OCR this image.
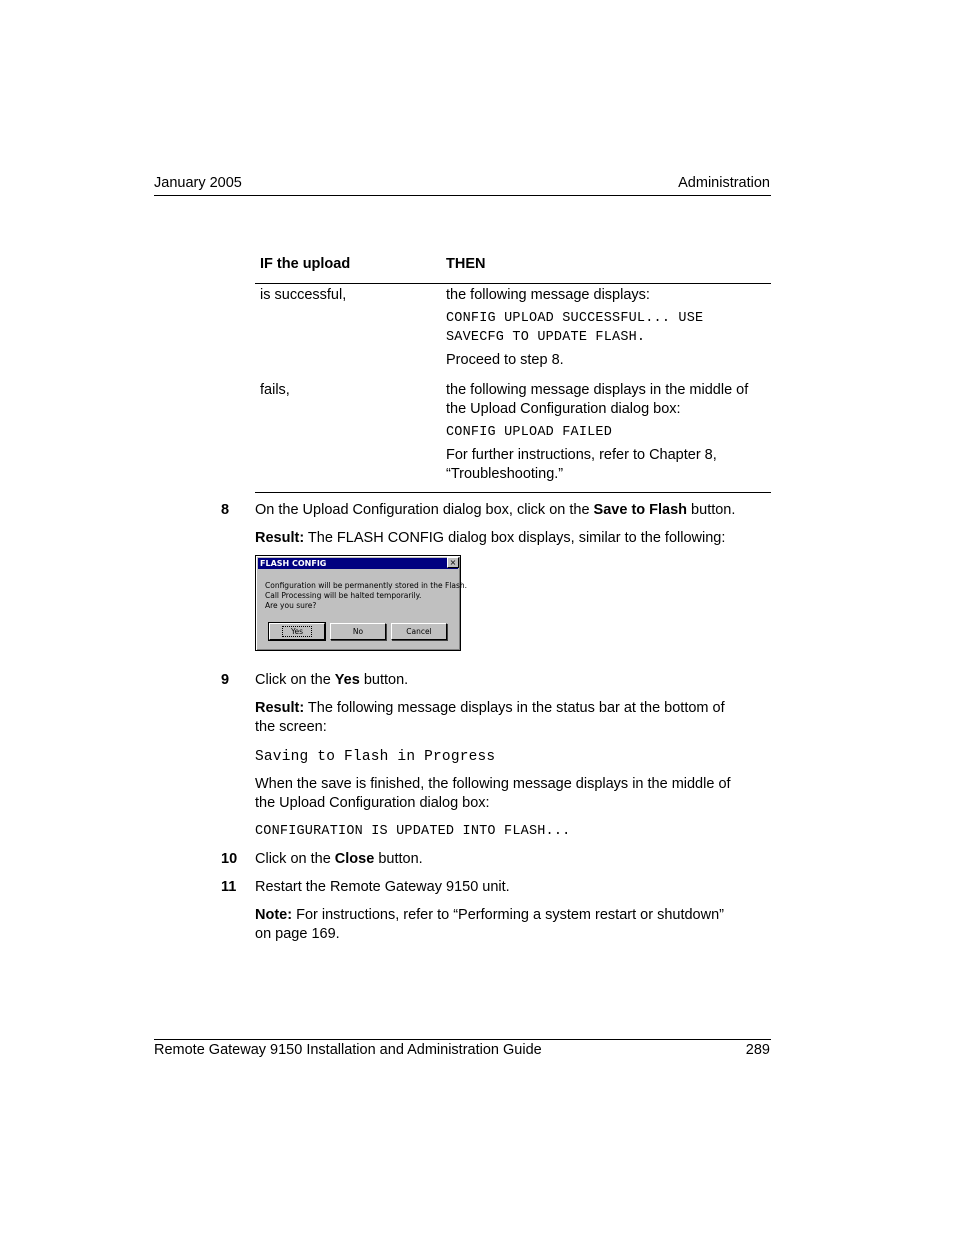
January 2005	Administration
IF the upload	THEN
is successful,	the following message displays:
CONFIG UPLOAD SUCCESSFUL... USE
SAVECFG TO UPDATE FLASH.
Proceed to step 8.
fails,	the following message displays in the middle of
the Upload Configuration dialog box:
CONFIG UPLOAD FAILED
For further instructions, refer to Chapter 8,
“Troubleshooting.”
8 On the Upload Configuration dialog box, click on the Save to Flash button.
Result: The FLASH CONFIG dialog box displays, similar to the following:
FLASH CONFIG	×
Configuration will be permanently stored in the Flash.
Call Processing will be halted temporarily.
Are you sure?
Yes	No	Cancel
9 Click on the Yes button.
Result: The following message displays in the status bar at the bottom of
the screen:
Saving to Flash in Progress
When the save is finished, the following message displays in the middle of
the Upload Configuration dialog box:
CONFIGURATION IS UPDATED INTO FLASH...
10 Click on the Close button.
11 Restart the Remote Gateway 9150 unit.
Note: For instructions, refer to “Performing a system restart or shutdown”
on page 169.
Remote Gateway 9150 Installation and Administration Guide	289
